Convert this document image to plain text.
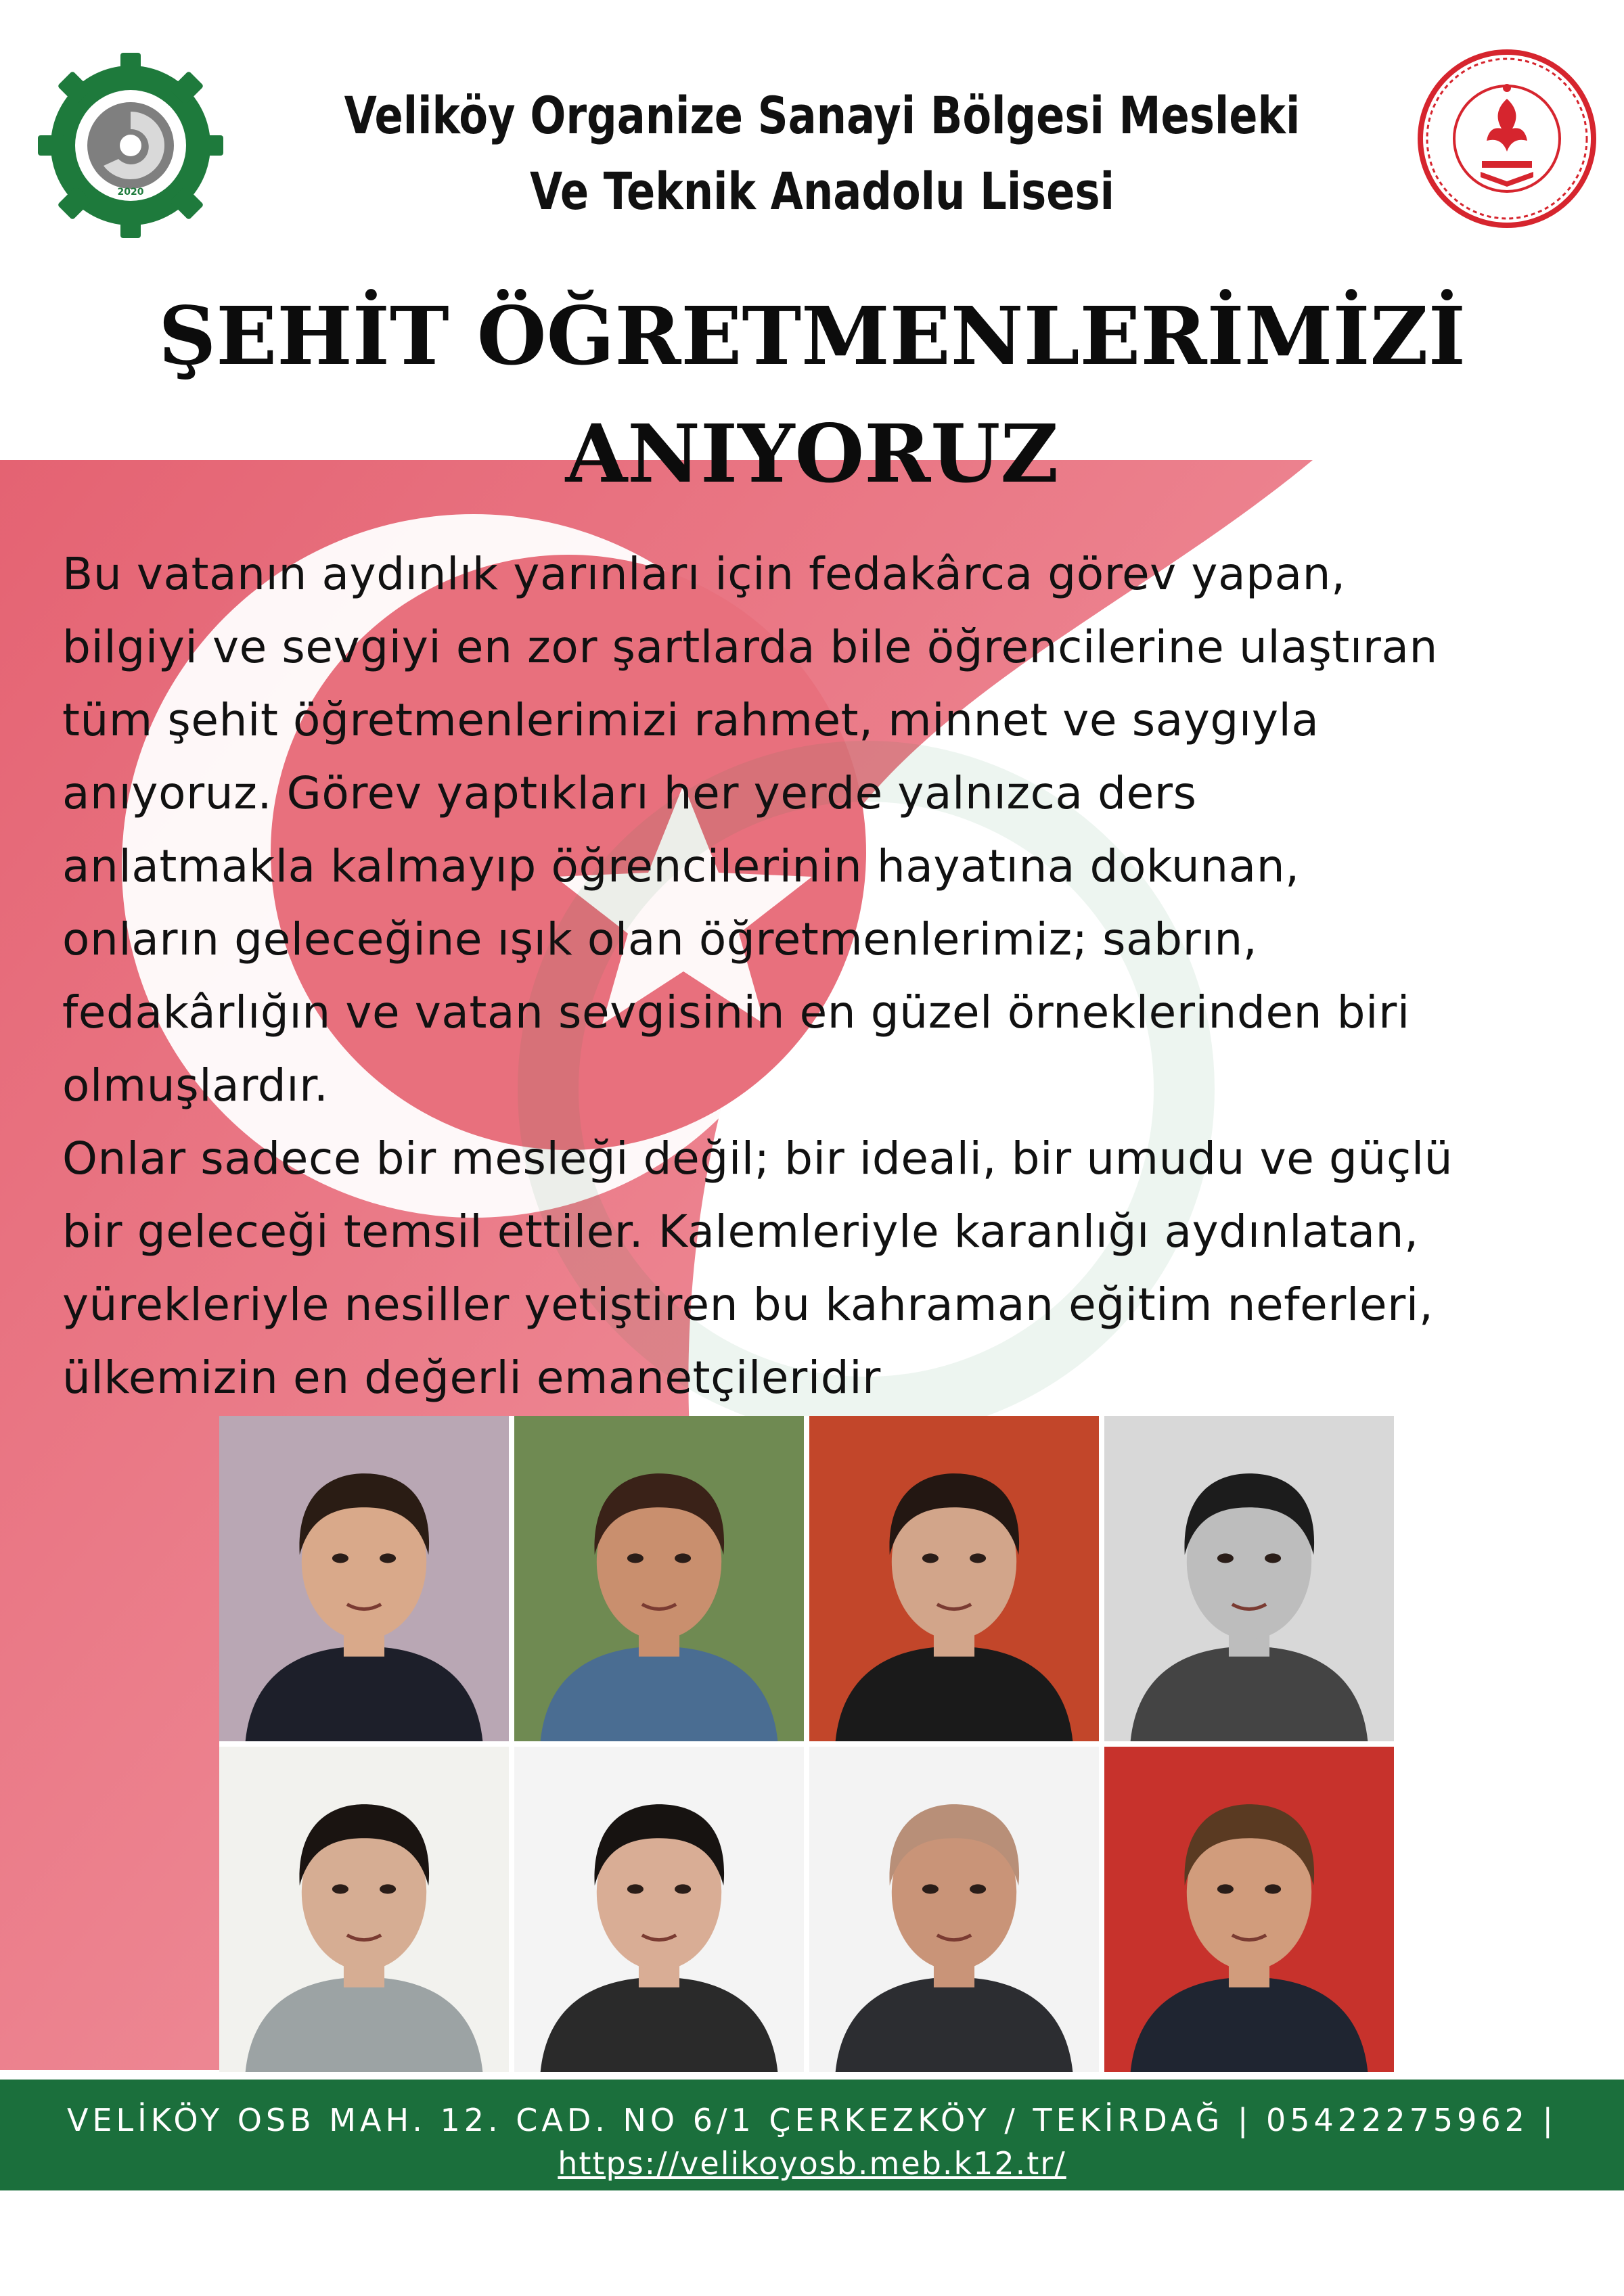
2020
Veliköy Organize Sanayi Bölgesi Mesleki Ve Teknik Anadolu Lisesi
ŞEHİT ÖĞRETMENLERİMİZİ
ANIYORUZ

Bu vatanın aydınlık yarınları için fedakârca görev yapan,
bilgiyi ve sevgiyi en zor şartlarda bile öğrencilerine ulaştıran
tüm şehit öğretmenlerimizi rahmet, minnet ve saygıyla
anıyoruz. Görev yaptıkları her yerde yalnızca ders
anlatmakla kalmayıp öğrencilerinin hayatına dokunan,
onların geleceğine ışık olan öğretmenlerimiz; sabrın,
fedakârlığın ve vatan sevgisinin en güzel örneklerinden biri
olmuşlardır.

Onlar sadece bir mesleği değil; bir ideali, bir umudu ve güçlü
bir geleceği temsil ettiler. Kalemleriyle karanlığı aydınlatan,
yürekleriyle nesiller yetiştiren bu kahraman eğitim neferleri,
ülkemizin en değerli emanetçileridir

VELİKÖY OSB MAH. 12. CAD. NO 6/1 ÇERKEZKÖY / TEKİRDAĞ | 05422275962 |
https://velikoyosb.meb.k12.tr/
